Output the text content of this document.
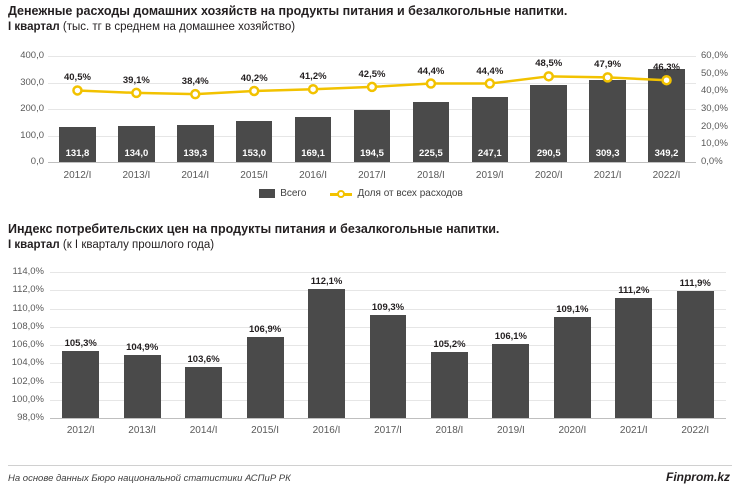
Денежные расходы домашних хозяйств на продукты питания и безалкогольные напитки.
I квартал (тыс. тг в среднем на домашнее хозяйство)
0,0
100,0
200,0
300,0
400,0
0,0%
10,0%
20,0%
30,0%
40,0%
50,0%
60,0%
131,8
2012/I
134,0
2013/I
139,3
2014/I
153,0
2015/I
169,1
2016/I
194,5
2017/I
225,5
2018/I
247,1
2019/I
290,5
2020/I
309,3
2021/I
349,2
2022/I
40,5%	39,1%	38,4%	40,2%	41,2%	42,5%	44,4%	44,4%
48,5%	47,9%	46,3%
Всего	Доля от всех расходов
Индекс потребительских цен на продукты питания и безалкогольные напитки.
I квартал (к I кварталу прошлого года)
98,0%
100,0%
102,0%
104,0%
106,0%
108,0%
110,0%
112,0%
114,0%
105,3%
2012/I
104,9%
2013/I
103,6%
2014/I
106,9%
2015/I
112,1%
2016/I
109,3%
2017/I
105,2%
2018/I
106,1%
2019/I
109,1%
2020/I
111,2%
2021/I
111,9%
2022/I
На основе данных Бюро национальной статистики АСПиР РК	Finprom.kz
